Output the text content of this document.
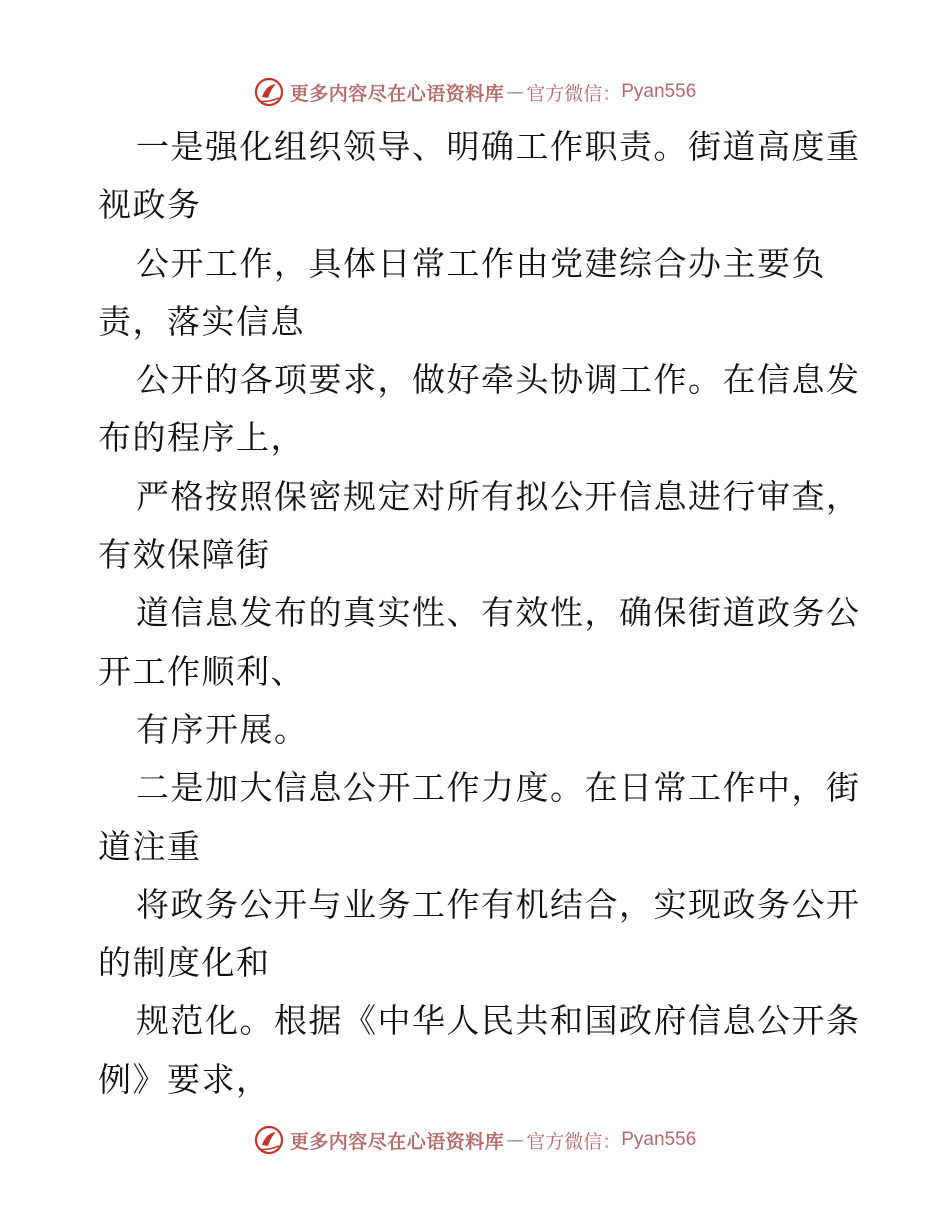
更多内容尽在心语资料库 — 官方微信： Pyan556
一是强化组织领导、明确工作职责。街道高度重
视政务
公开工作，具体日常工作由党建综合办主要负
责，落实信息
公开的各项要求，做好牵头协调工作。在信息发
布的程序上，
严格按照保密规定对所有拟公开信息进行审查，
有效保障街
道信息发布的真实性、有效性，确保街道政务公
开工作顺利、
有序开展。
二是加大信息公开工作力度。在日常工作中，街
道注重
将政务公开与业务工作有机结合，实现政务公开
的制度化和
规范化。根据《中华人民共和国政府信息公开条
例》要求，
更多内容尽在心语资料库 — 官方微信： Pyan556
